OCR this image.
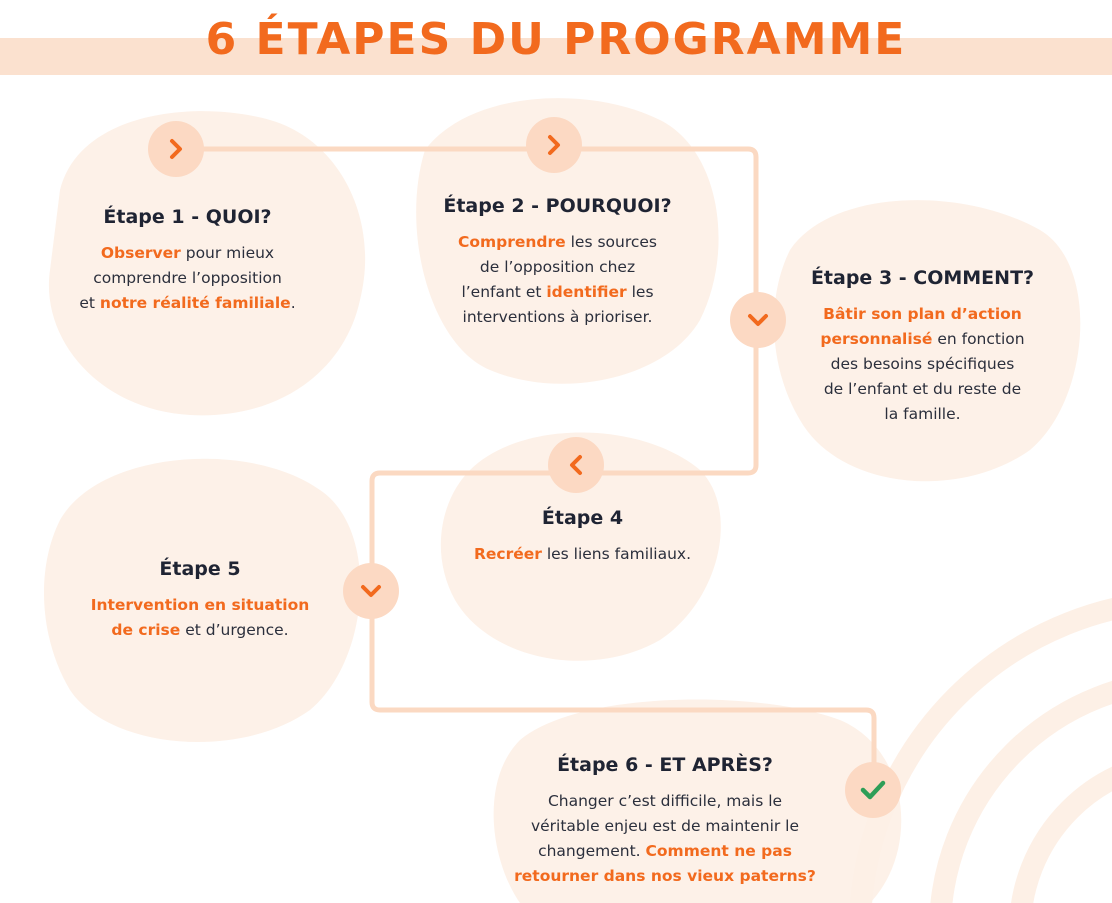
6 ÉTAPES DU PROGRAMME
Étape 1 - QUOI?

Observer pour mieux
comprendre l’opposition
et notre réalité familiale.

Étape 2 - POURQUOI?

Comprendre les sources
de l’opposition chez
l’enfant et identifier les
interventions à prioriser.

Étape 3 - COMMENT?

Bâtir son plan d’action
personnalisé en fonction
des besoins spécifiques
de l’enfant et du reste de
la famille.

Étape 4

Recréer les liens familiaux.

Étape 5

Intervention en situation
de crise et d’urgence.

Étape 6 - ET APRÈS?

Changer c’est difficile, mais le
véritable enjeu est de maintenir le
changement. Comment ne pas
retourner dans nos vieux paterns?
